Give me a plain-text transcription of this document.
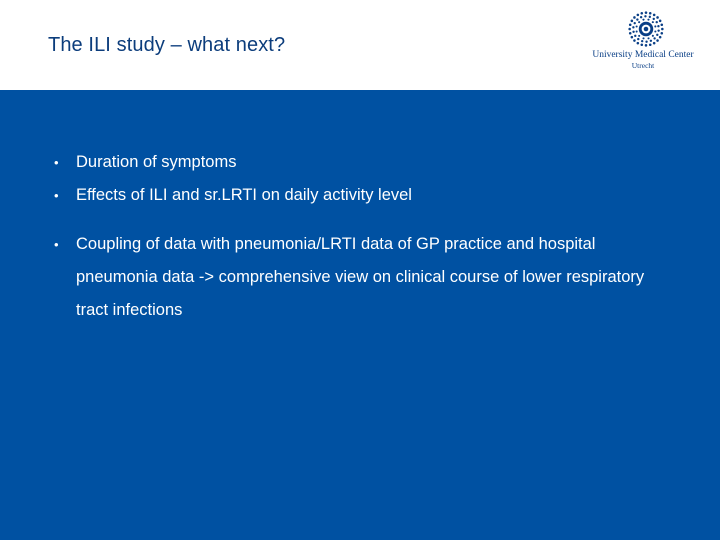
The ILI study – what next?	University Medical Center
Utrecht
• Duration of symptoms
• Effects of ILI and sr.LRTI on daily activity level
• Coupling of data with pneumonia/LRTI data of GP practice and hospital pneumonia data -> comprehensive view on clinical course of lower respiratory tract infections
